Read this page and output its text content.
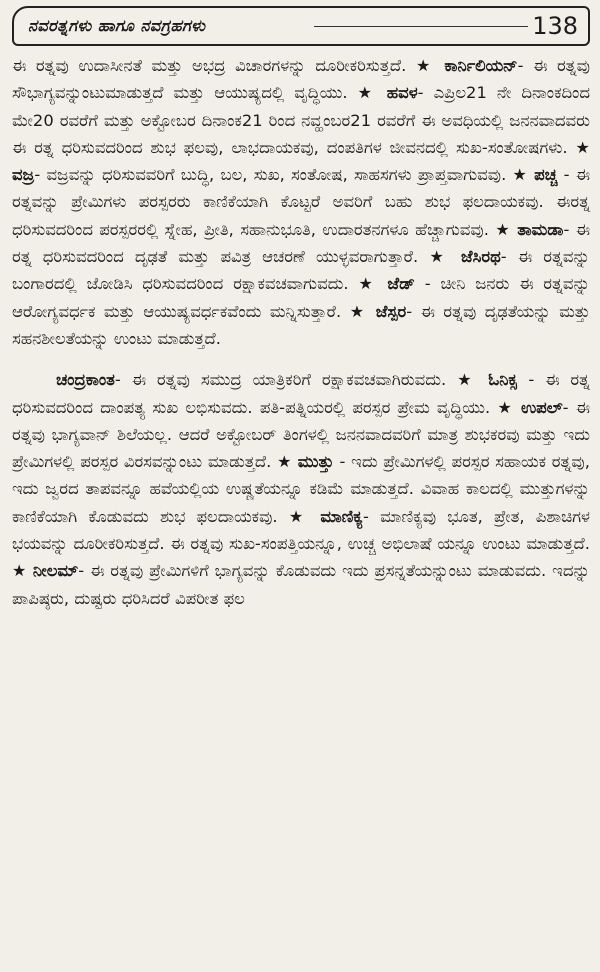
ನವರತ್ನಗಳು ಹಾಗೂ ನವಗ್ರಹಗಳು	138

ಈ ರತ್ನವು ಉದಾಸೀನತೆ ಮತ್ತು ಅಭದ್ರ ವಿಚಾರಗಳನ್ನು ದೂರೀಕರಿಸುತ್ತದೆ. ★ ಕಾರ್ನಿಲಿಯನ್- ಈ ರತ್ನವು ಸೌಭಾಗ್ಯವನ್ನುಂಟುಮಾಡುತ್ತದೆ ಮತ್ತು ಆಯುಷ್ಯದಲ್ಲಿ ವೃದ್ಧಿಯು. ★ ಹವಳ- ಎಪ್ರಿಲ21 ನೇ ದಿನಾಂಕದಿಂದ ಮೇ20 ರವರೆಗೆ ಮತ್ತು ಅಕ್ಟೋಬರ ದಿನಾಂಕ21 ರಿಂದ ನವ್ಹಂಬರ21 ರವರೆಗೆ ಈ ಅವಧಿಯಲ್ಲಿ ಜನನವಾದವರು ಈ ರತ್ನ ಧರಿಸುವದರಿಂದ ಶುಭ ಫಲವು, ಲಾಭದಾಯಕವು, ದಂಪತಿಗಳ ಜೀವನದಲ್ಲಿ ಸುಖ-ಸಂತೋಷಗಳು. ★ ವಜ್ರ- ವಜ್ರವನ್ನು ಧರಿಸುವವರಿಗೆ ಬುದ್ಧಿ, ಬಲ, ಸುಖ, ಸಂತೋಷ, ಸಾಹಸಗಳು ಪ್ರಾಪ್ತವಾಗುವವು. ★ ಪಚ್ಚ - ಈ ರತ್ನವನ್ನು ಪ್ರೇಮಿಗಳು ಪರಸ್ಪರರು ಕಾಣಿಕೆಯಾಗಿ ಕೊಟ್ಟರೆ ಅವರಿಗೆ ಬಹು ಶುಭ ಫಲದಾಯಕವು. ಈರತ್ನ ಧರಿಸುವದರಿಂದ ಪರಸ್ಪರರಲ್ಲಿ ಸ್ನೇಹ, ಪ್ರೀತಿ, ಸಹಾನುಭೂತಿ, ಉದಾರತನಗಳೂ ಹೆಚ್ಚಾಗುವವು. ★ ತಾಮಡಾ- ಈ ರತ್ನ ಧರಿಸುವದರಿಂದ ದೃಢತೆ ಮತ್ತು ಪವಿತ್ರ ಆಚರಣೆ ಯುಳ್ಳವರಾಗುತ್ತಾರೆ. ★ ಜೆಸಿರಥ- ಈ ರತ್ನವನ್ನು ಬಂಗಾರದಲ್ಲಿ ಜೋಡಿಸಿ ಧರಿಸುವದರಿಂದ ರಕ್ಷಾಕವಚವಾಗುವದು. ★ ಜೆಡ್ - ಚೀನಿ ಜನರು ಈ ರತ್ನವನ್ನು ಆರೋಗ್ಯವರ್ಧಕ ಮತ್ತು ಆಯುಷ್ಯವರ್ಧಕವೆಂದು ಮನ್ನಿಸುತ್ತಾರೆ. ★ ಜೆಸ್ಪರ- ಈ ರತ್ನವು ದೃಢತೆಯನ್ನು ಮತ್ತು ಸಹನಶೀಲತೆಯನ್ನು ಉಂಟು ಮಾಡುತ್ತದೆ.

ಚಂದ್ರಕಾಂತ- ಈ ರತ್ನವು ಸಮುದ್ರ ಯಾತ್ರಿಕರಿಗೆ ರಕ್ಷಾಕವಚವಾಗಿರುವದು. ★ ಓನಿಕ್ಸ - ಈ ರತ್ನ ಧರಿಸುವದರಿಂದ ದಾಂಪತ್ಯ ಸುಖ ಲಭಿಸುವದು. ಪತಿ-ಪತ್ನಿಯರಲ್ಲಿ ಪರಸ್ಪರ ಪ್ರೇಮ ವೃದ್ಧಿಯು. ★ ಉಪಲ್- ಈ ರತ್ನವು ಭಾಗ್ಯವಾನ್ ಶಿಲೆಯಲ್ಲ. ಆದರೆ ಅಕ್ಟೋಬರ್ ತಿಂಗಳಲ್ಲಿ ಜನನವಾದವರಿಗೆ ಮಾತ್ರ ಶುಭಕರವು ಮತ್ತು ಇದು ಪ್ರೇಮಿಗಳಲ್ಲಿ ಪರಸ್ಪರ ವಿರಸವನ್ನುಂಟು ಮಾಡುತ್ತದೆ. ★ ಮುತ್ತು - ಇದು ಪ್ರೇಮಿಗಳಲ್ಲಿ ಪರಸ್ಪರ ಸಹಾಯಕ ರತ್ನವು, ಇದು ಜ್ವರದ ತಾಪವನ್ನೂ ಹವೆಯಲ್ಲಿಯ ಉಷ್ಣತೆಯನ್ನೂ ಕಡಿಮೆ ಮಾಡುತ್ತದೆ. ವಿವಾಹ ಕಾಲದಲ್ಲಿ ಮುತ್ತುಗಳನ್ನು ಕಾಣಿಕೆಯಾಗಿ ಕೊಡುವದು ಶುಭ ಫಲದಾಯಕವು. ★ ಮಾಣಿಕ್ಯ- ಮಾಣಿಕ್ಯವು ಭೂತ, ಪ್ರೇತ, ಪಿಶಾಚಿಗಳ ಭಯವನ್ನು ದೂರೀಕರಿಸುತ್ತದೆ. ಈ ರತ್ನವು ಸುಖ-ಸಂಪತ್ತಿಯನ್ನೂ, ಉಚ್ಚ ಅಭಿಲಾಷೆ ಯನ್ನೂ ಉಂಟು ಮಾಡುತ್ತದೆ. ★ ನೀಲಮ್- ಈ ರತ್ನವು ಪ್ರೇಮಿಗಳಿಗೆ ಭಾಗ್ಯವನ್ನು ಕೊಡುವದು ಇದು ಪ್ರಸನ್ನತೆಯನ್ನುಂಟು ಮಾಡುವದು. ಇದನ್ನು ಪಾಪಿಷ್ಠರು, ದುಷ್ಟರು ಧರಿಸಿದರೆ ವಿಪರೀತ ಫಲ
